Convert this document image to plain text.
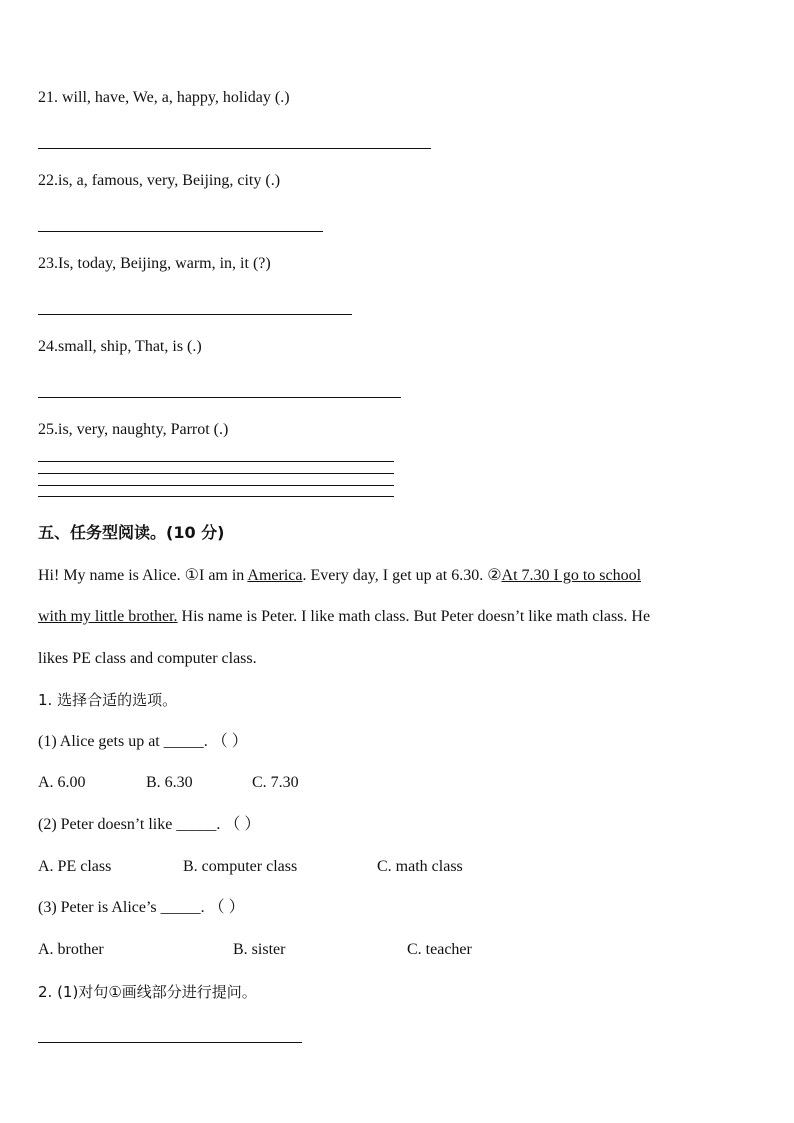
21. will, have, We, a, happy, holiday (.)
22.is, a, famous, very, Beijing, city (.)
23.Is, today, Beijing, warm, in, it (?)
24.small, ship, That, is (.)
25.is, very, naughty, Parrot (.)
五、任务型阅读。(10 分)
Hi! My name is Alice. ①I am in America. Every day, I get up at 6.30. ②At 7.30 I go to school
with my little brother. His name is Peter. I like math class. But Peter doesn’t like math class. He
likes PE class and computer class.
1. 选择合适的选项。
(1) Alice gets up at _____. （ ）
A. 6.00	B. 6.30	C. 7.30
(2) Peter doesn’t like _____. （ ）
A. PE class	B. computer class	C. math class
(3) Peter is Alice’s _____. （ ）
A. brother	B. sister	C. teacher
2. (1)对句①画线部分进行提问。
